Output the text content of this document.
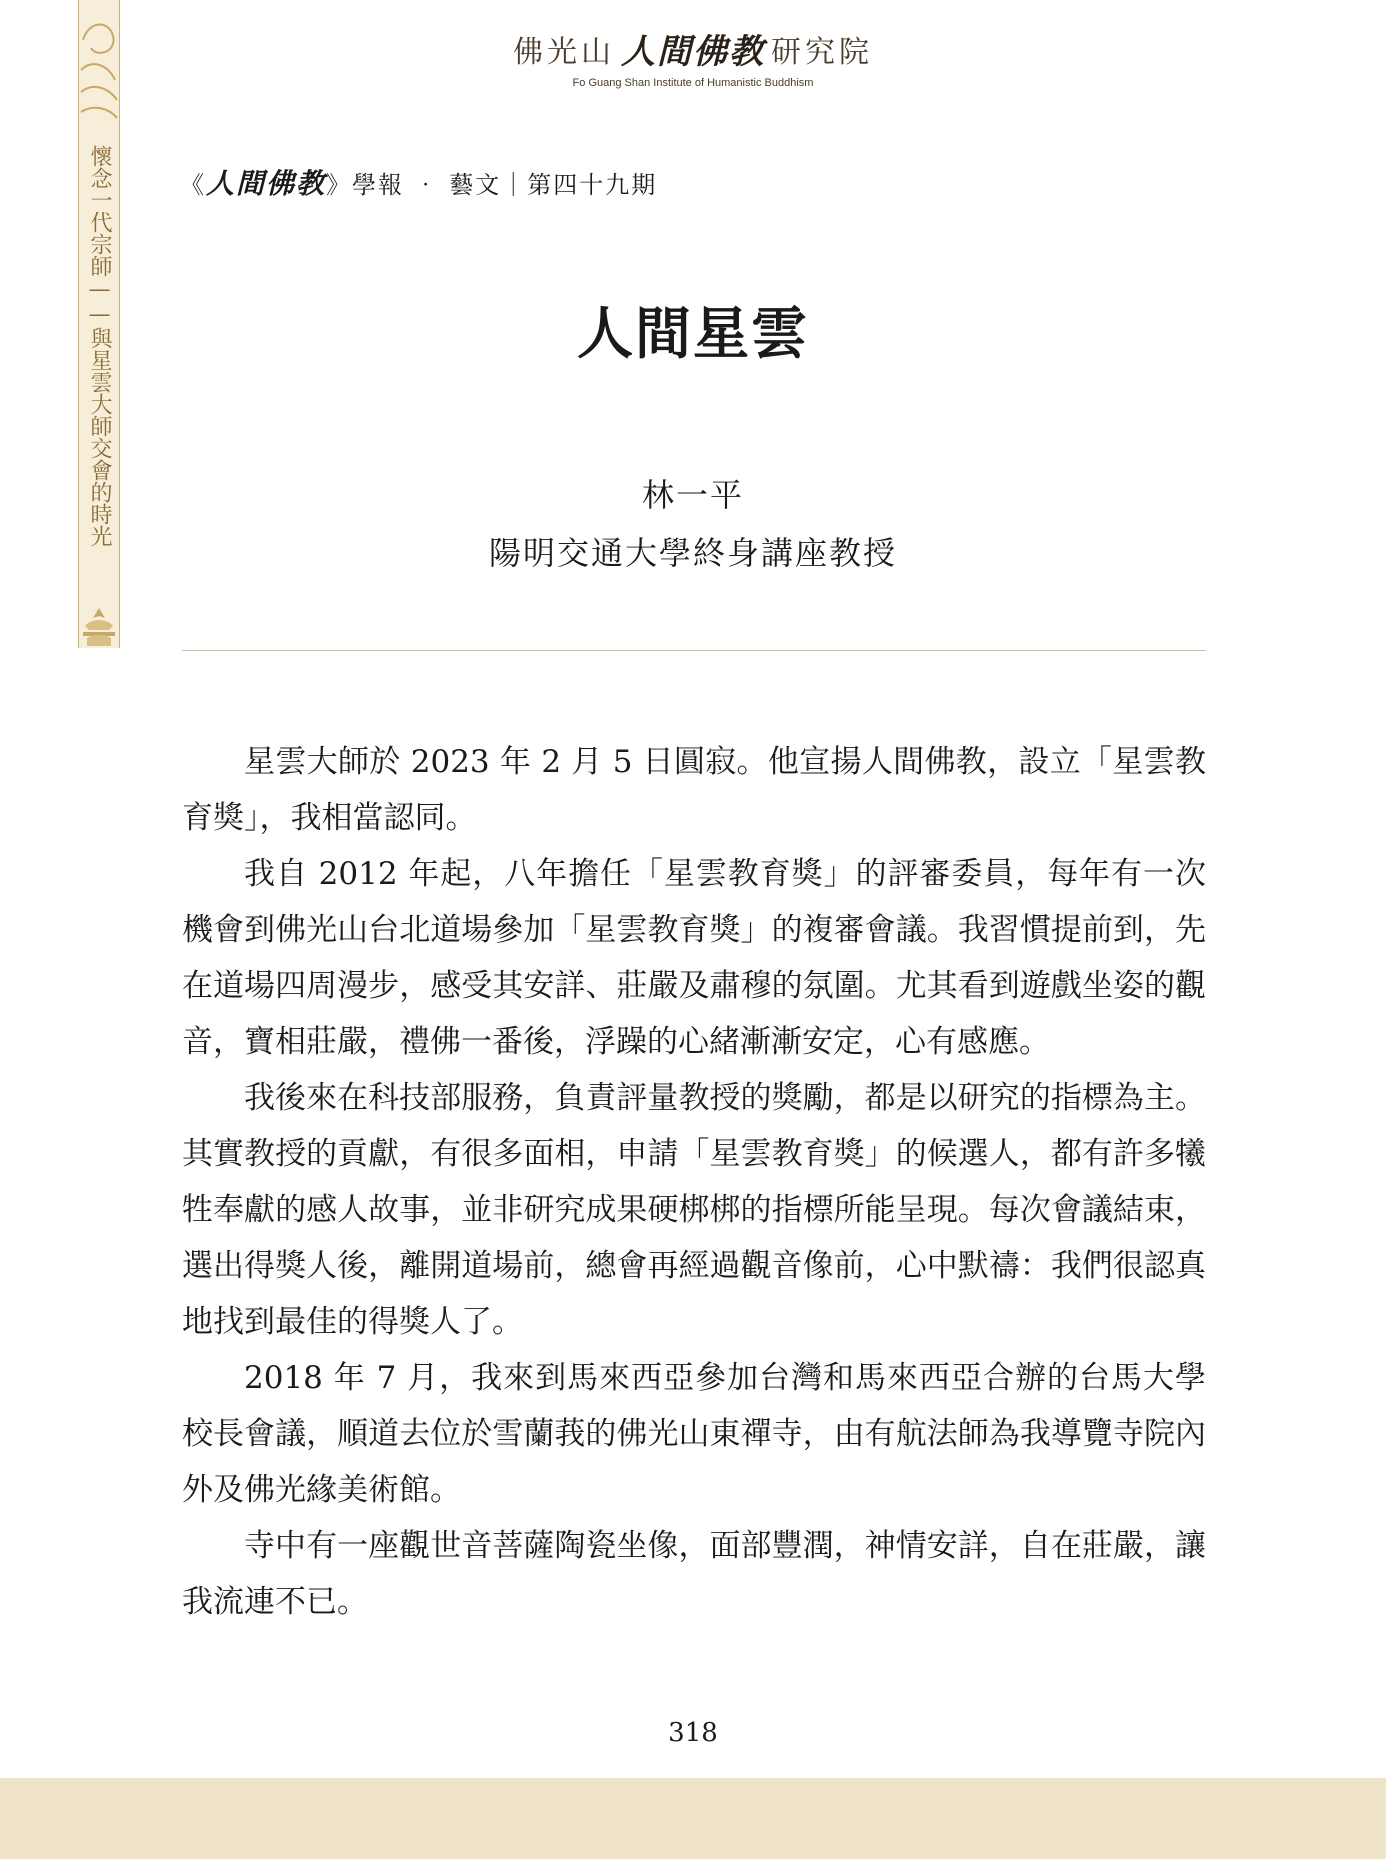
懷念一代宗師——與星雲大師交會的時光
佛光山 人間佛教 研究院
Fo Guang Shan Institute of Humanistic Buddhism
《人間佛教》學報 ‧ 藝文｜第四十九期
人間星雲
林一平
陽明交通大學終身講座教授

星雲大師於 2023 年 2 月 5 日圓寂。他宣揚人間佛教，設立「星雲教育獎」，我相當認同。

我自 2012 年起，八年擔任「星雲教育獎」的評審委員，每年有一次機會到佛光山台北道場參加「星雲教育獎」的複審會議。我習慣提前到，先在道場四周漫步，感受其安詳、莊嚴及肅穆的氛圍。尤其看到遊戲坐姿的觀音，寶相莊嚴，禮佛一番後，浮躁的心緒漸漸安定，心有感應。

我後來在科技部服務，負責評量教授的獎勵，都是以研究的指標為主。其實教授的貢獻，有很多面相，申請「星雲教育獎」的候選人，都有許多犧牲奉獻的感人故事，並非研究成果硬梆梆的指標所能呈現。每次會議結束，選出得獎人後，離開道場前，總會再經過觀音像前，心中默禱：我們很認真地找到最佳的得獎人了。

2018 年 7 月，我來到馬來西亞參加台灣和馬來西亞合辦的台馬大學校長會議，順道去位於雪蘭莪的佛光山東禪寺，由有航法師為我導覽寺院內外及佛光緣美術館。

寺中有一座觀世音菩薩陶瓷坐像，面部豐潤，神情安詳，自在莊嚴，讓我流連不已。

318
